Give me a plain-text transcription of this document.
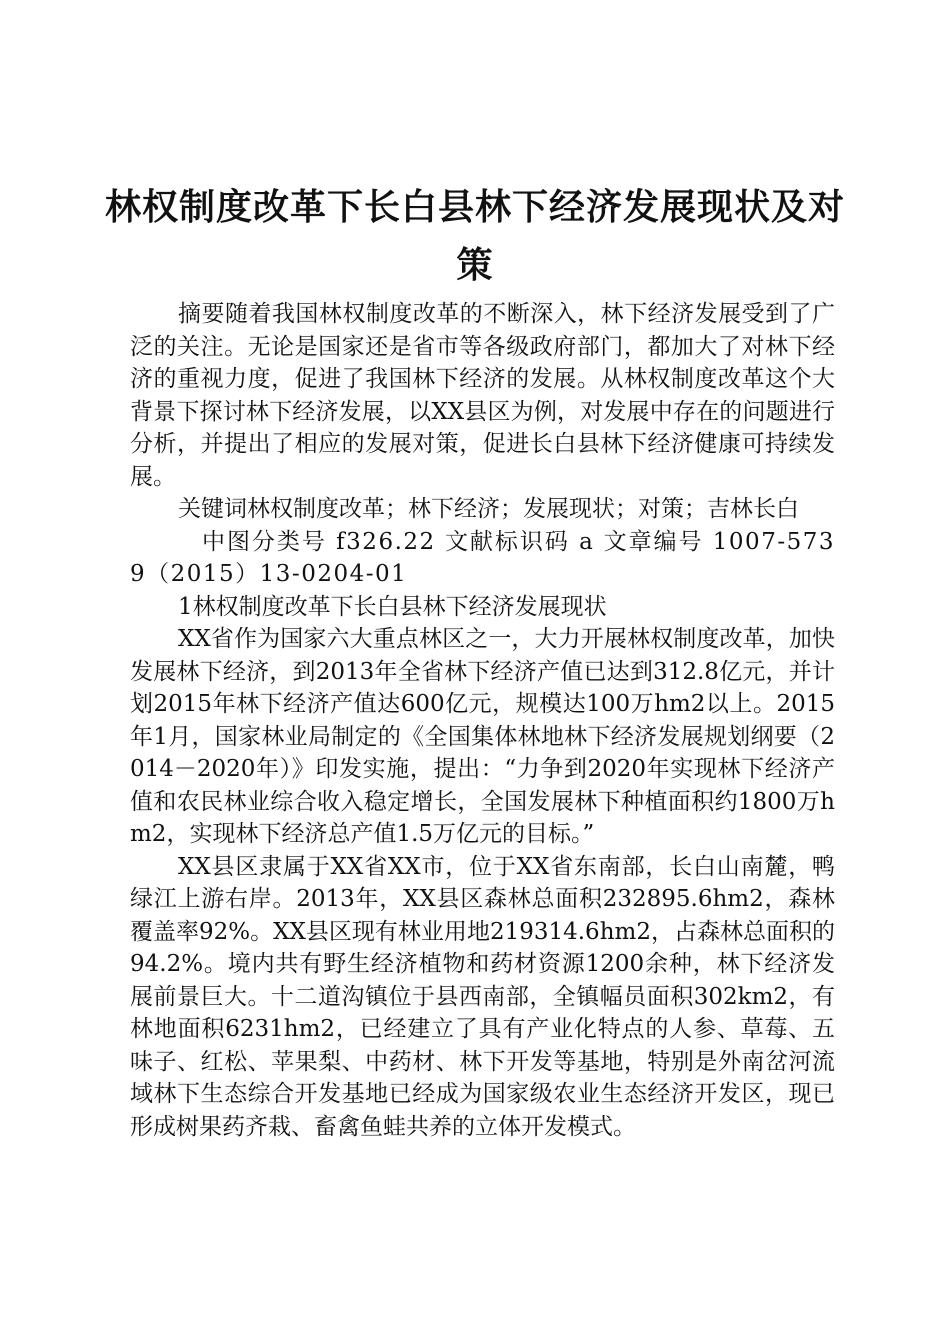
林权制度改革下长白县林下经济发展现状及对
策

摘要随着我国林权制度改革的不断深入，林下经济发展受到了广泛的关注。无论是国家还是省市等各级政府部门，都加大了对林下经济的重视力度，促进了我国林下经济的发展。从林权制度改革这个大背景下探讨林下经济发展，以XX县区为例，对发展中存在的问题进行分析，并提出了相应的发展对策，促进长白县林下经济健康可持续发展。

关键词林权制度改革；林下经济；发展现状；对策；吉林长白

中图分类号 f326.22 文献标识码 a 文章编号 1007-5739（2015）13-0204-01

1林权制度改革下长白县林下经济发展现状

XX省作为国家六大重点林区之一，大力开展林权制度改革，加快发展林下经济，到2013年全省林下经济产值已达到312.8亿元，并计划2015年林下经济产值达600亿元，规模达100万hm2以上。2015年1月，国家林业局制定的《全国集体林地林下经济发展规划纲要（2014－2020年）》印发实施，提出：“力争到2020年实现林下经济产值和农民林业综合收入稳定增长，全国发展林下种植面积约1800万hm2，实现林下经济总产值1.5万亿元的目标。”

XX县区隶属于XX省XX市，位于XX省东南部，长白山南麓，鸭绿江上游右岸。2013年，XX县区森林总面积232895.6hm2，森林覆盖率92%。XX县区现有林业用地219314.6hm2，占森林总面积的94.2%。境内共有野生经济植物和药材资源1200余种，林下经济发展前景巨大。十二道沟镇位于县西南部，全镇幅员面积302km2，有林地面积6231hm2，已经建立了具有产业化特点的人参、草莓、五味子、红松、苹果梨、中药材、林下开发等基地，特别是外南岔河流域林下生态综合开发基地已经成为国家级农业生态经济开发区，现已形成树果药齐栽、畜禽鱼蛙共养的立体开发模式。
